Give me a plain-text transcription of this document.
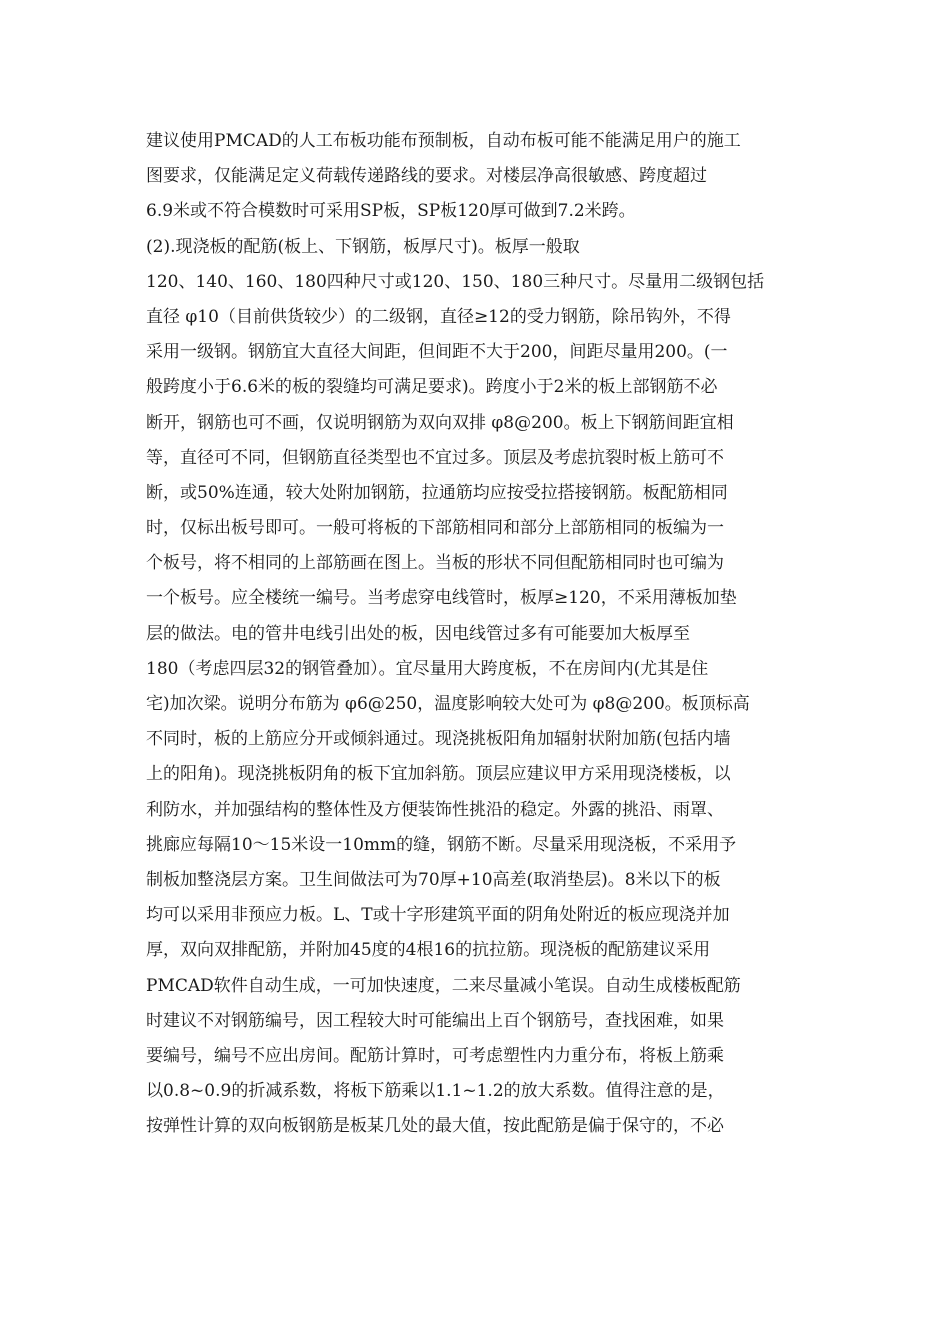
建议使用PMCAD的人工布板功能布预制板，自动布板可能不能满足用户的施工
图要求，仅能满足定义荷载传递路线的要求。对楼层净高很敏感、跨度超过
6.9米或不符合模数时可采用SP板，SP板120厚可做到7.2米跨。
(2).现浇板的配筋(板上、下钢筋，板厚尺寸)。板厚一般取
120、140、160、180四种尺寸或120、150、180三种尺寸。尽量用二级钢包括
直径 φ10（目前供货较少）的二级钢，直径≥12的受力钢筋，除吊钩外，不得
采用一级钢。钢筋宜大直径大间距，但间距不大于200，间距尽量用200。(一
般跨度小于6.6米的板的裂缝均可满足要求)。跨度小于2米的板上部钢筋不必
断开，钢筋也可不画，仅说明钢筋为双向双排 φ8@200。板上下钢筋间距宜相
等，直径可不同，但钢筋直径类型也不宜过多。顶层及考虑抗裂时板上筋可不
断，或50%连通，较大处附加钢筋，拉通筋均应按受拉搭接钢筋。板配筋相同
时，仅标出板号即可。一般可将板的下部筋相同和部分上部筋相同的板编为一
个板号，将不相同的上部筋画在图上。当板的形状不同但配筋相同时也可编为
一个板号。应全楼统一编号。当考虑穿电线管时，板厚≥120，不采用薄板加垫
层的做法。电的管井电线引出处的板，因电线管过多有可能要加大板厚至
180（考虑四层32的钢管叠加）。宜尽量用大跨度板，不在房间内(尤其是住
宅)加次梁。说明分布筋为 φ6@250，温度影响较大处可为 φ8@200。板顶标高
不同时，板的上筋应分开或倾斜通过。现浇挑板阳角加辐射状附加筋(包括内墙
上的阳角)。现浇挑板阴角的板下宜加斜筋。顶层应建议甲方采用现浇楼板，以
利防水，并加强结构的整体性及方便装饰性挑沿的稳定。外露的挑沿、雨罩、
挑廊应每隔10～15米设一10mm的缝，钢筋不断。尽量采用现浇板，不采用予
制板加整浇层方案。卫生间做法可为70厚+10高差(取消垫层)。8米以下的板
均可以采用非预应力板。L、T或十字形建筑平面的阴角处附近的板应现浇并加
厚，双向双排配筋，并附加45度的4根16的抗拉筋。现浇板的配筋建议采用
PMCAD软件自动生成，一可加快速度，二来尽量减小笔误。自动生成楼板配筋
时建议不对钢筋编号，因工程较大时可能编出上百个钢筋号，查找困难，如果
要编号，编号不应出房间。配筋计算时，可考虑塑性内力重分布，将板上筋乘
以0.8~0.9的折减系数，将板下筋乘以1.1~1.2的放大系数。值得注意的是，
按弹性计算的双向板钢筋是板某几处的最大值，按此配筋是偏于保守的，不必
